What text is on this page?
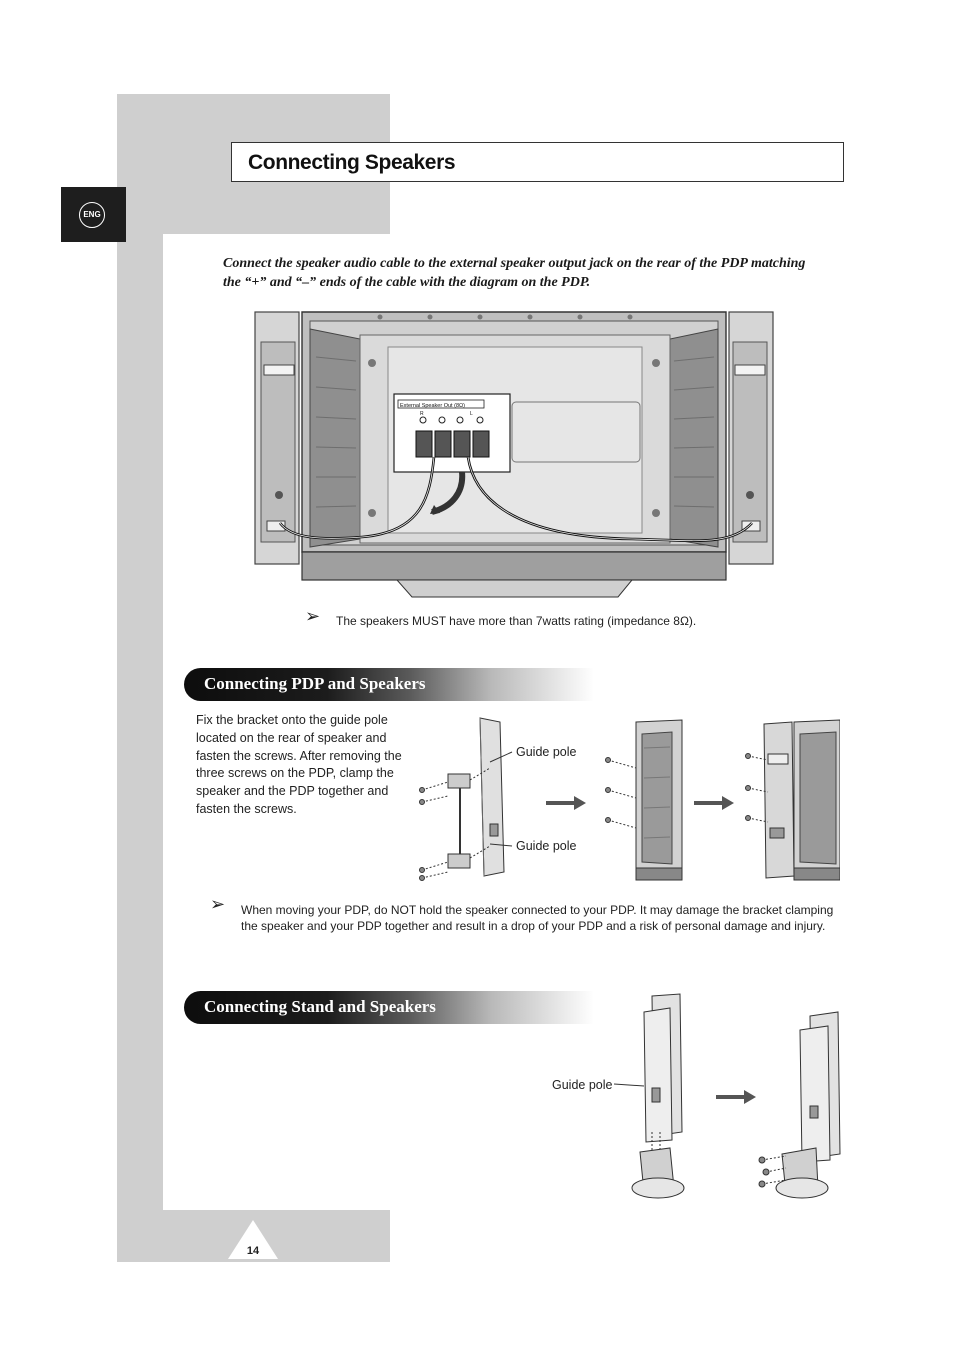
ENG
Connecting Speakers
Connect the speaker audio cable to the external speaker output jack on the rear of the PDP matching the “+” and “–” ends of the cable with the diagram on the PDP.
External Speaker Out (8Ω)
R	L
➢ The speakers MUST have more than 7watts rating (impedance 8Ω).
Connecting PDP and Speakers
Fix the bracket onto the guide pole located on the rear of speaker and fasten the screws. After removing the three screws on the PDP, clamp the speaker and the PDP together and fasten the screws.
Guide pole
Guide pole
➢ When moving your PDP, do NOT hold the speaker connected to your PDP. It may damage the bracket clamping the speaker and your PDP together and result in a drop of your PDP and a risk of personal damage and injury.
Connecting Stand and Speakers
Guide pole
14
